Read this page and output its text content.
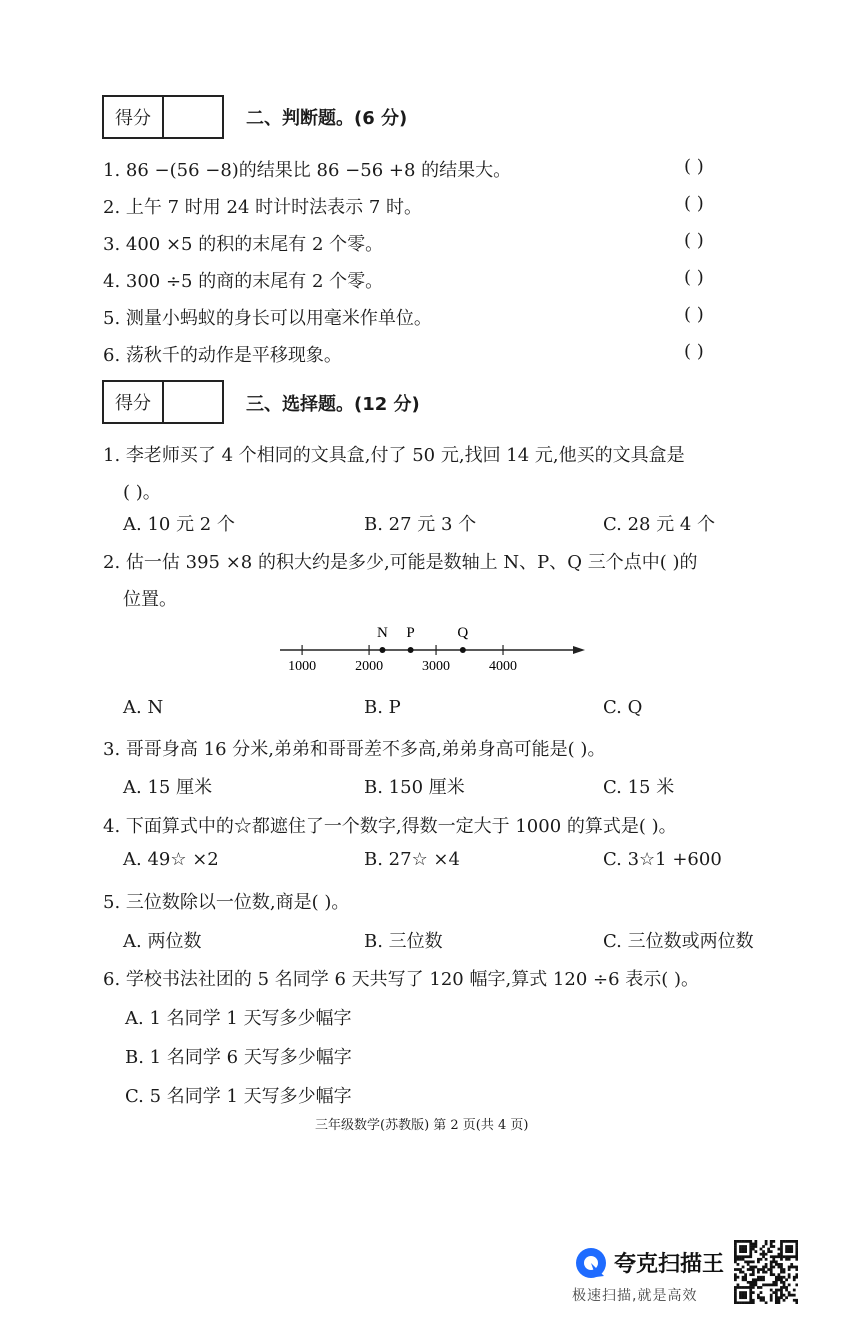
得分	二、判断题。(6 分)
1. 86 −(56 −8)的结果比 86 −56 +8 的结果大。	( )
2. 上午 7 时用 24 时计时法表示 7 时。	( )
3. 400 ×5 的积的末尾有 2 个零。	( )
4. 300 ÷5 的商的末尾有 2 个零。	( )
5. 测量小蚂蚁的身长可以用毫米作单位。	( )
6. 荡秋千的动作是平移现象。	( )
得分	三、选择题。(12 分)
1. 李老师买了 4 个相同的文具盒,付了 50 元,找回 14 元,他买的文具盒是
( )。
A. 10 元 2 个	B. 27 元 3 个	C. 28 元 4 个
2. 估一估 395 ×8 的积大约是多少,可能是数轴上 N、P、Q 三个点中( )的
位置。
1000	2000	3000	4000
N P	Q
A. N	B. P	C. Q
3. 哥哥身高 16 分米,弟弟和哥哥差不多高,弟弟身高可能是( )。
A. 15 厘米	B. 150 厘米	C. 15 米
4. 下面算式中的☆都遮住了一个数字,得数一定大于 1000 的算式是( )。
A. 49☆ ×2	B. 27☆ ×4	C. 3☆1 +600
5. 三位数除以一位数,商是( )。
A. 两位数	B. 三位数	C. 三位数或两位数
6. 学校书法社团的 5 名同学 6 天共写了 120 幅字,算式 120 ÷6 表示( )。
A. 1 名同学 1 天写多少幅字
B. 1 名同学 6 天写多少幅字
C. 5 名同学 1 天写多少幅字
三年级数学(苏教版) 第 2 页(共 4 页)
夸克扫描王
极速扫描,就是高效
